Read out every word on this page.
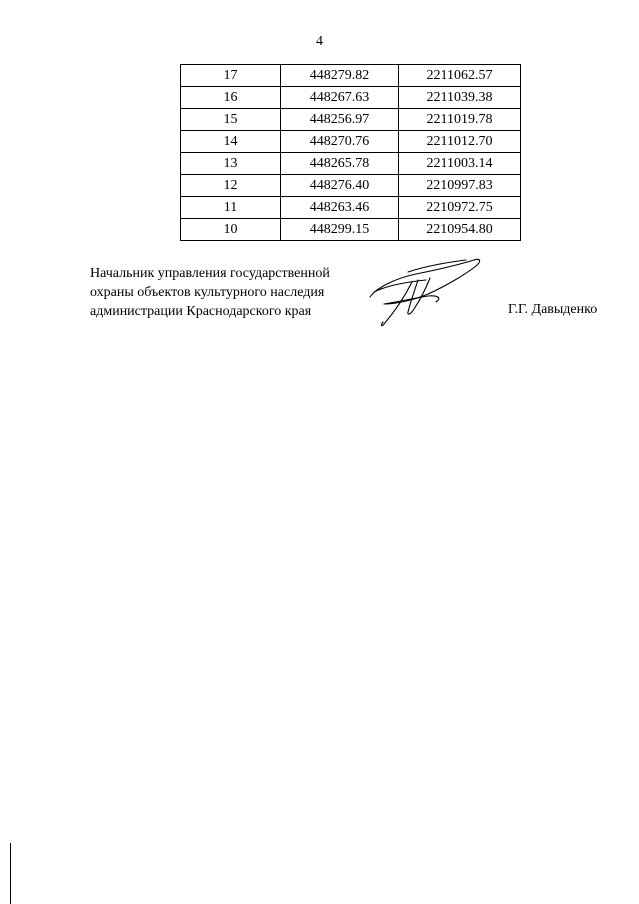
4
17	448279.82	2211062.57
16	448267.63	2211039.38
15	448256.97	2211019.78
14	448270.76	2211012.70
13	448265.78	2211003.14
12	448276.40	2210997.83
11	448263.46	2210972.75
10	448299.15	2210954.80
Начальник управления государственной
охраны объектов культурного наследия
администрации Краснодарского края	Г.Г. Давыденко
